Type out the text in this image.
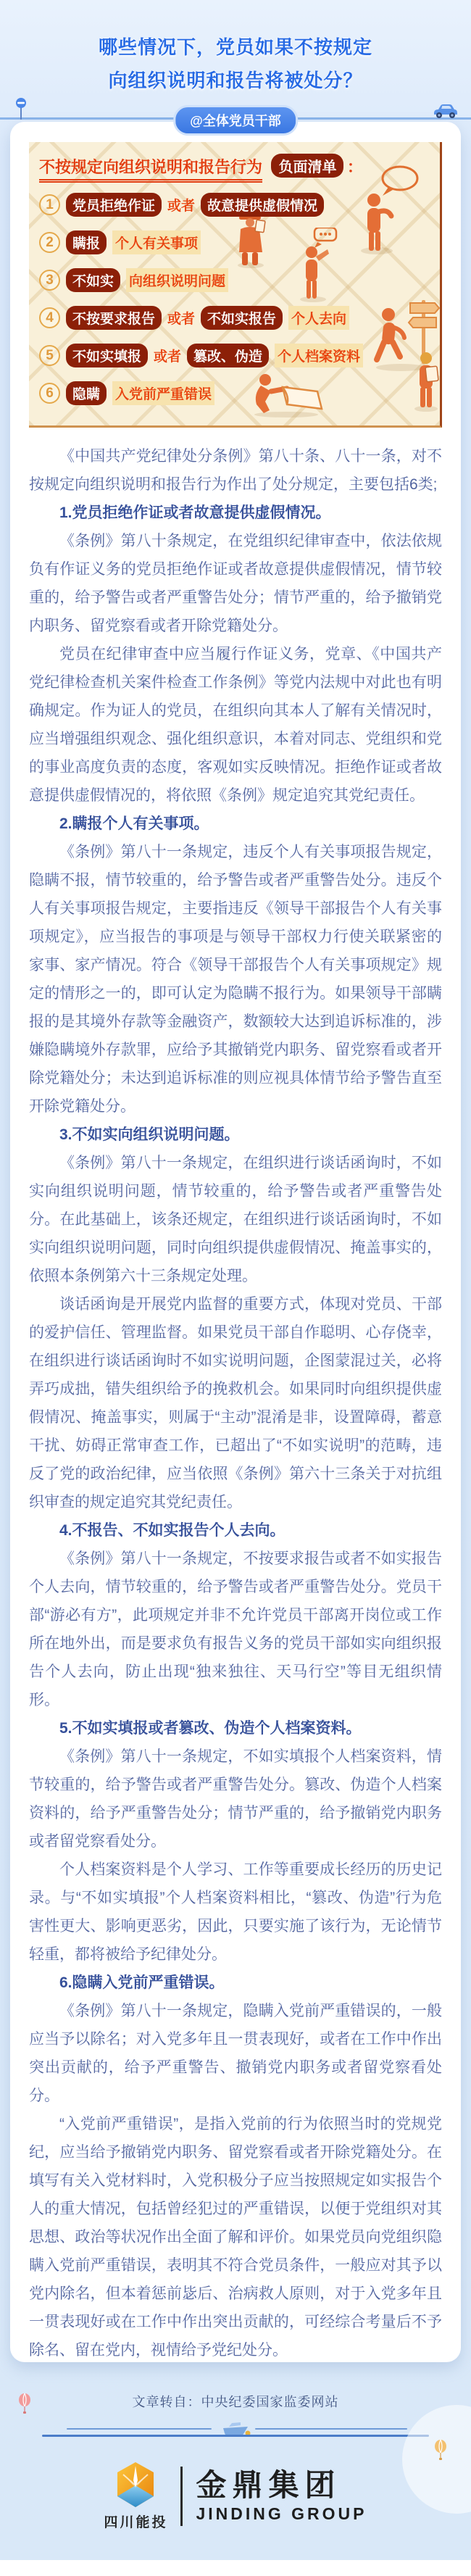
哪些情况下，党员如果不按规定
向组织说明和报告将被处分？
@全体党员干部
不按规定向组织说明和报告行为 负面清单 ：
1	党员拒绝作证 或者 故意提供虚假情况
2	瞒报	个人有关事项
3	不如实	向组织说明问题
4	不按要求报告 或者 不如实报告	个人去向
5	不如实填报 或者 篡改、伪造	个人档案资料
6	隐瞒	入党前严重错误

《中国共产党纪律处分条例》第八十条、八十一条，对不按规定向组织说明和报告行为作出了处分规定，主要包括6类;

1.党员拒绝作证或者故意提供虚假情况。

《条例》第八十条规定，在党组织纪律审查中，依法依规负有作证义务的党员拒绝作证或者故意提供虚假情况，情节较重的，给予警告或者严重警告处分；情节严重的，给予撤销党内职务、留党察看或者开除党籍处分。

党员在纪律审查中应当履行作证义务，党章、《中国共产党纪律检查机关案件检查工作条例》等党内法规中对此也有明确规定。作为证人的党员，在组织向其本人了解有关情况时，应当增强组织观念、强化组织意识，本着对同志、党组织和党的事业高度负责的态度，客观如实反映情况。拒绝作证或者故意提供虚假情况的，将依照《条例》规定追究其党纪责任。

2.瞒报个人有关事项。

《条例》第八十一条规定，违反个人有关事项报告规定，隐瞒不报，情节较重的，给予警告或者严重警告处分。违反个人有关事项报告规定，主要指违反《领导干部报告个人有关事项规定》，应当报告的事项是与领导干部权力行使关联紧密的家事、家产情况。符合《领导干部报告个人有关事项规定》规定的情形之一的，即可认定为隐瞒不报行为。如果领导干部瞒报的是其境外存款等金融资产，数额较大达到追诉标准的，涉嫌隐瞒境外存款罪，应给予其撤销党内职务、留党察看或者开除党籍处分；未达到追诉标准的则应视具体情节给予警告直至开除党籍处分。

3.不如实向组织说明问题。

《条例》第八十一条规定，在组织进行谈话函询时，不如实向组织说明问题，情节较重的，给予警告或者严重警告处分。在此基础上，该条还规定，在组织进行谈话函询时，不如实向组织说明问题，同时向组织提供虚假情况、掩盖事实的，依照本条例第六十三条规定处理。

谈话函询是开展党内监督的重要方式，体现对党员、干部的爱护信任、管理监督。如果党员干部自作聪明、心存侥幸，在组织进行谈话函询时不如实说明问题，企图蒙混过关，必将弄巧成拙，错失组织给予的挽救机会。如果同时向组织提供虚假情况、掩盖事实，则属于“主动”混淆是非，设置障碍，蓄意干扰、妨碍正常审查工作，已超出了“不如实说明”的范畴，违反了党的政治纪律，应当依照《条例》第六十三条关于对抗组织审查的规定追究其党纪责任。

4.不报告、不如实报告个人去向。

《条例》第八十一条规定，不按要求报告或者不如实报告个人去向，情节较重的，给予警告或者严重警告处分。党员干部“游必有方”，此项规定并非不允许党员干部离开岗位或工作所在地外出，而是要求负有报告义务的党员干部如实向组织报告个人去向，防止出现“独来独往、天马行空”等目无组织情形。

5.不如实填报或者篡改、伪造个人档案资料。

《条例》第八十一条规定，不如实填报个人档案资料，情节较重的，给予警告或者严重警告处分。篡改、伪造个人档案资料的，给予严重警告处分；情节严重的，给予撤销党内职务或者留党察看处分。

个人档案资料是个人学习、工作等重要成长经历的历史记录。与“不如实填报”个人档案资料相比，“篡改、伪造”行为危害性更大、影响更恶劣，因此，只要实施了该行为，无论情节轻重，都将被给予纪律处分。

6.隐瞒入党前严重错误。

《条例》第八十一条规定，隐瞒入党前严重错误的，一般应当予以除名；对入党多年且一贯表现好，或者在工作中作出突出贡献的，给予严重警告、撤销党内职务或者留党察看处分。

“入党前严重错误”，是指入党前的行为依照当时的党规党纪，应当给予撤销党内职务、留党察看或者开除党籍处分。在填写有关入党材料时，入党积极分子应当按照规定如实报告个人的重大情况，包括曾经犯过的严重错误，以便于党组织对其思想、政治等状况作出全面了解和评价。如果党员向党组织隐瞒入党前严重错误，表明其不符合党员条件，一般应对其予以党内除名，但本着惩前毖后、治病救人原则，对于入党多年且一贯表现好或在工作中作出突出贡献的，可经综合考量后不予除名、留在党内，视情给予党纪处分。

文章转自：中央纪委国家监委网站
四川能投
金鼎集团
JINDING GROUP
